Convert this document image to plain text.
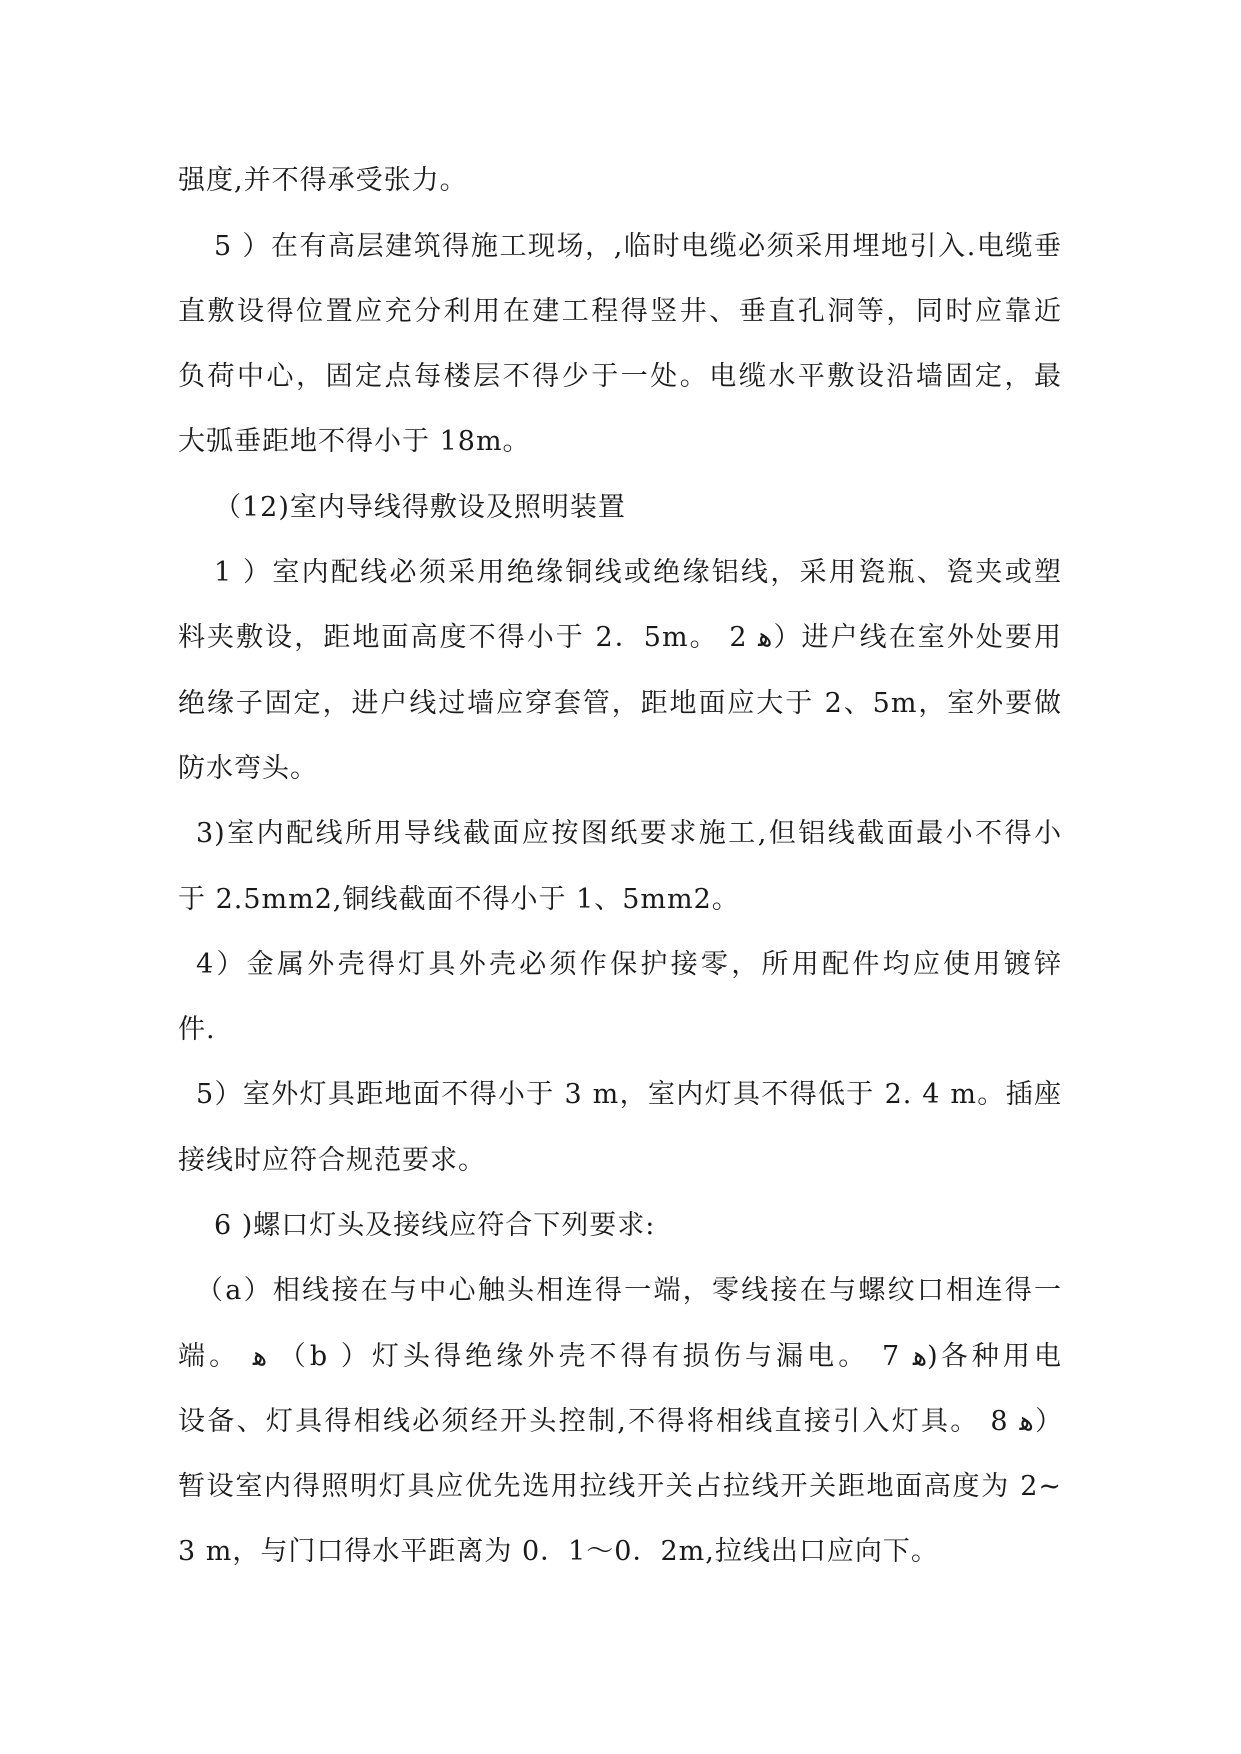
强度,并不得承受张力。
5 ）在有高层建筑得施工现场，,临时电缆必须采用埋地引入.电缆垂
直敷设得位置应充分利用在建工程得竖井、垂直孔洞等，同时应靠近
负荷中心，固定点每楼层不得少于一处。电缆水平敷设沿墙固定，最
大弧垂距地不得小于 18m。
（12)室内导线得敷设及照明装置
1 ）室内配线必须采用绝缘铜线或绝缘铝线，采用瓷瓶、瓷夹或塑
料夹敷设，距地面高度不得小于 2．5m。 2 ﻫ）进户线在室外处要用
绝缘子固定，进户线过墙应穿套管，距地面应大于 2、5m，室外要做
防水弯头。
3)室内配线所用导线截面应按图纸要求施工,但铝线截面最小不得小
于 2.5mm2,铜线截面不得小于 1、5mm2。
4）金属外壳得灯具外壳必须作保护接零，所用配件均应使用镀锌
件.
5）室外灯具距地面不得小于 3 m，室内灯具不得低于 2. 4 m。插座
接线时应符合规范要求。
6 )螺口灯头及接线应符合下列要求:
（a）相线接在与中心触头相连得一端，零线接在与螺纹口相连得一
端。 ﻫ （b ）灯头得绝缘外壳不得有损伤与漏电。 7 ﻫ)各种用电
设备、灯具得相线必须经开头控制,不得将相线直接引入灯具。 8 ﻫ）
暂设室内得照明灯具应优先选用拉线开关占拉线开关距地面高度为 2~
3 m，与门口得水平距离为 0．1～0．2m,拉线出口应向下。
